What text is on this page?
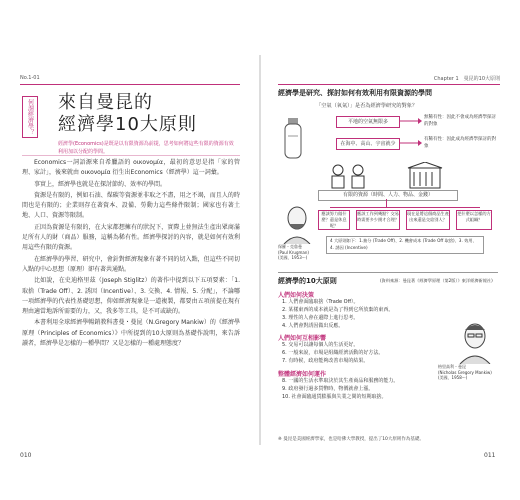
No.1-01
何謂經濟學？ 來自曼昆的
經濟學10大原則
經濟學(Economics)是既是以有限資源為前提，思考如何將這些有限的資源有效利用加以分配的學問。

Economics一詞語源來自希臘語的 οικονομία，最初的意思是指「家的管理、家計」，後來就由 οικονομία 衍生出Economics（經濟學）這一詞彙。

事實上，經濟學也就是在探討節約、效率的學問。

資源是有限的，例如石油、煤碳等資源並非取之不盡，用之不竭，而且人的時間也是有限的；企業則存在著資本、設備、勞動力這些條件限制；國家也有著土地、人口、資源等限制。

正因為資源是有限的，在大家都想擁有的狀況下，實際上並無法生產出眾商滿足所有人的財（商品）服務，這稱為稀有性。經濟學探討的內容，就是如何有效利用這些有限的資源。

在經濟學的學習、研究中，會針對經濟現象有著不同的切入點，但這些不同切入點的中心思想（原理）卻有著共通點。

比如說，在史迪格里茲（Joseph Stiglitz）的著作中提到以下五項要素：「1. 取捨（Trade Off）、2. 誘因（Incentive）、3. 交換、4. 情報、5. 分配」，不論哪一項經濟學的代表性基礎思想，仰如經濟現象是一道複製，都要由五項前提在現有理由適當地訴所需要的力，又，我多等工具，是不可或缺的。

本書利用全球經濟學暢銷教科書曼・曼昆（N.Gregory Mankiw）的《經濟學原理（Principles of Economics）》中所提到的10大原則為基礎作說明，來告訴讀者，經濟學是怎樣的一種學問？又是怎樣的一種處理態度？

010
Chapter 1　曼昆的10大原則
經濟學是研究、探討如何有效利用有限資源的學問
「空氣（氧氣）」是否為經濟學研究的對象？
平地的空氣無限多
在海中、高山、宇宙就少
無稀有性：因此不會成為經濟學探討的對象
有稀有性：因此成為經濟學探討的對象
有限的資源（時間、人力、物品、金錢）
應該努力做什麼？還是休息呢？
應該工作到幾點？交易時需要多少錢才合理？
現在是將這個商品生產出來還是交給別人？
把什麼以怎樣的方式組織？
保羅・克魯曼
(Paul Krugman)
(美國，1953～)
4 大原則如下：1.抽分 (Trade Off)、2. 機會成本 (Trade Off 取捨)、3. 效用、4. 誘因 (Incentive)
經濟學的10大原則	(資料來源：曼昆著《經濟學原理（第2版）》東洋經濟新報社)
人們如何決策
1. 人們會面臨取捨（Trade Off）。
2. 某樣東西的成本就是為了得到它所放棄的東西。
3. 理性的人會在邊際上進行思考。
4. 人們會對誘因做出反應。
人們如何互相影響
5. 交易可以讓每個人的生活更好。
6. 一般來說，市場是組織經濟活動的好方法。
7. 有時候，政府能夠改善市場的結果。
整體經濟如何運作
8. 一國的生活水準取決於其生產商品和服務的能力。
9. 政府發行過多貨幣時，物價就會上漲。
10. 社會面臨通貨膨脹與失業之間的短期取捨。
格里高利・曼昆
(Nicholas Gregory Mankiw)
(美國，1958～)
※ 曼昆是美國經濟學家，也是哈佛大學教授，提出了10大原則作為基礎。
011
